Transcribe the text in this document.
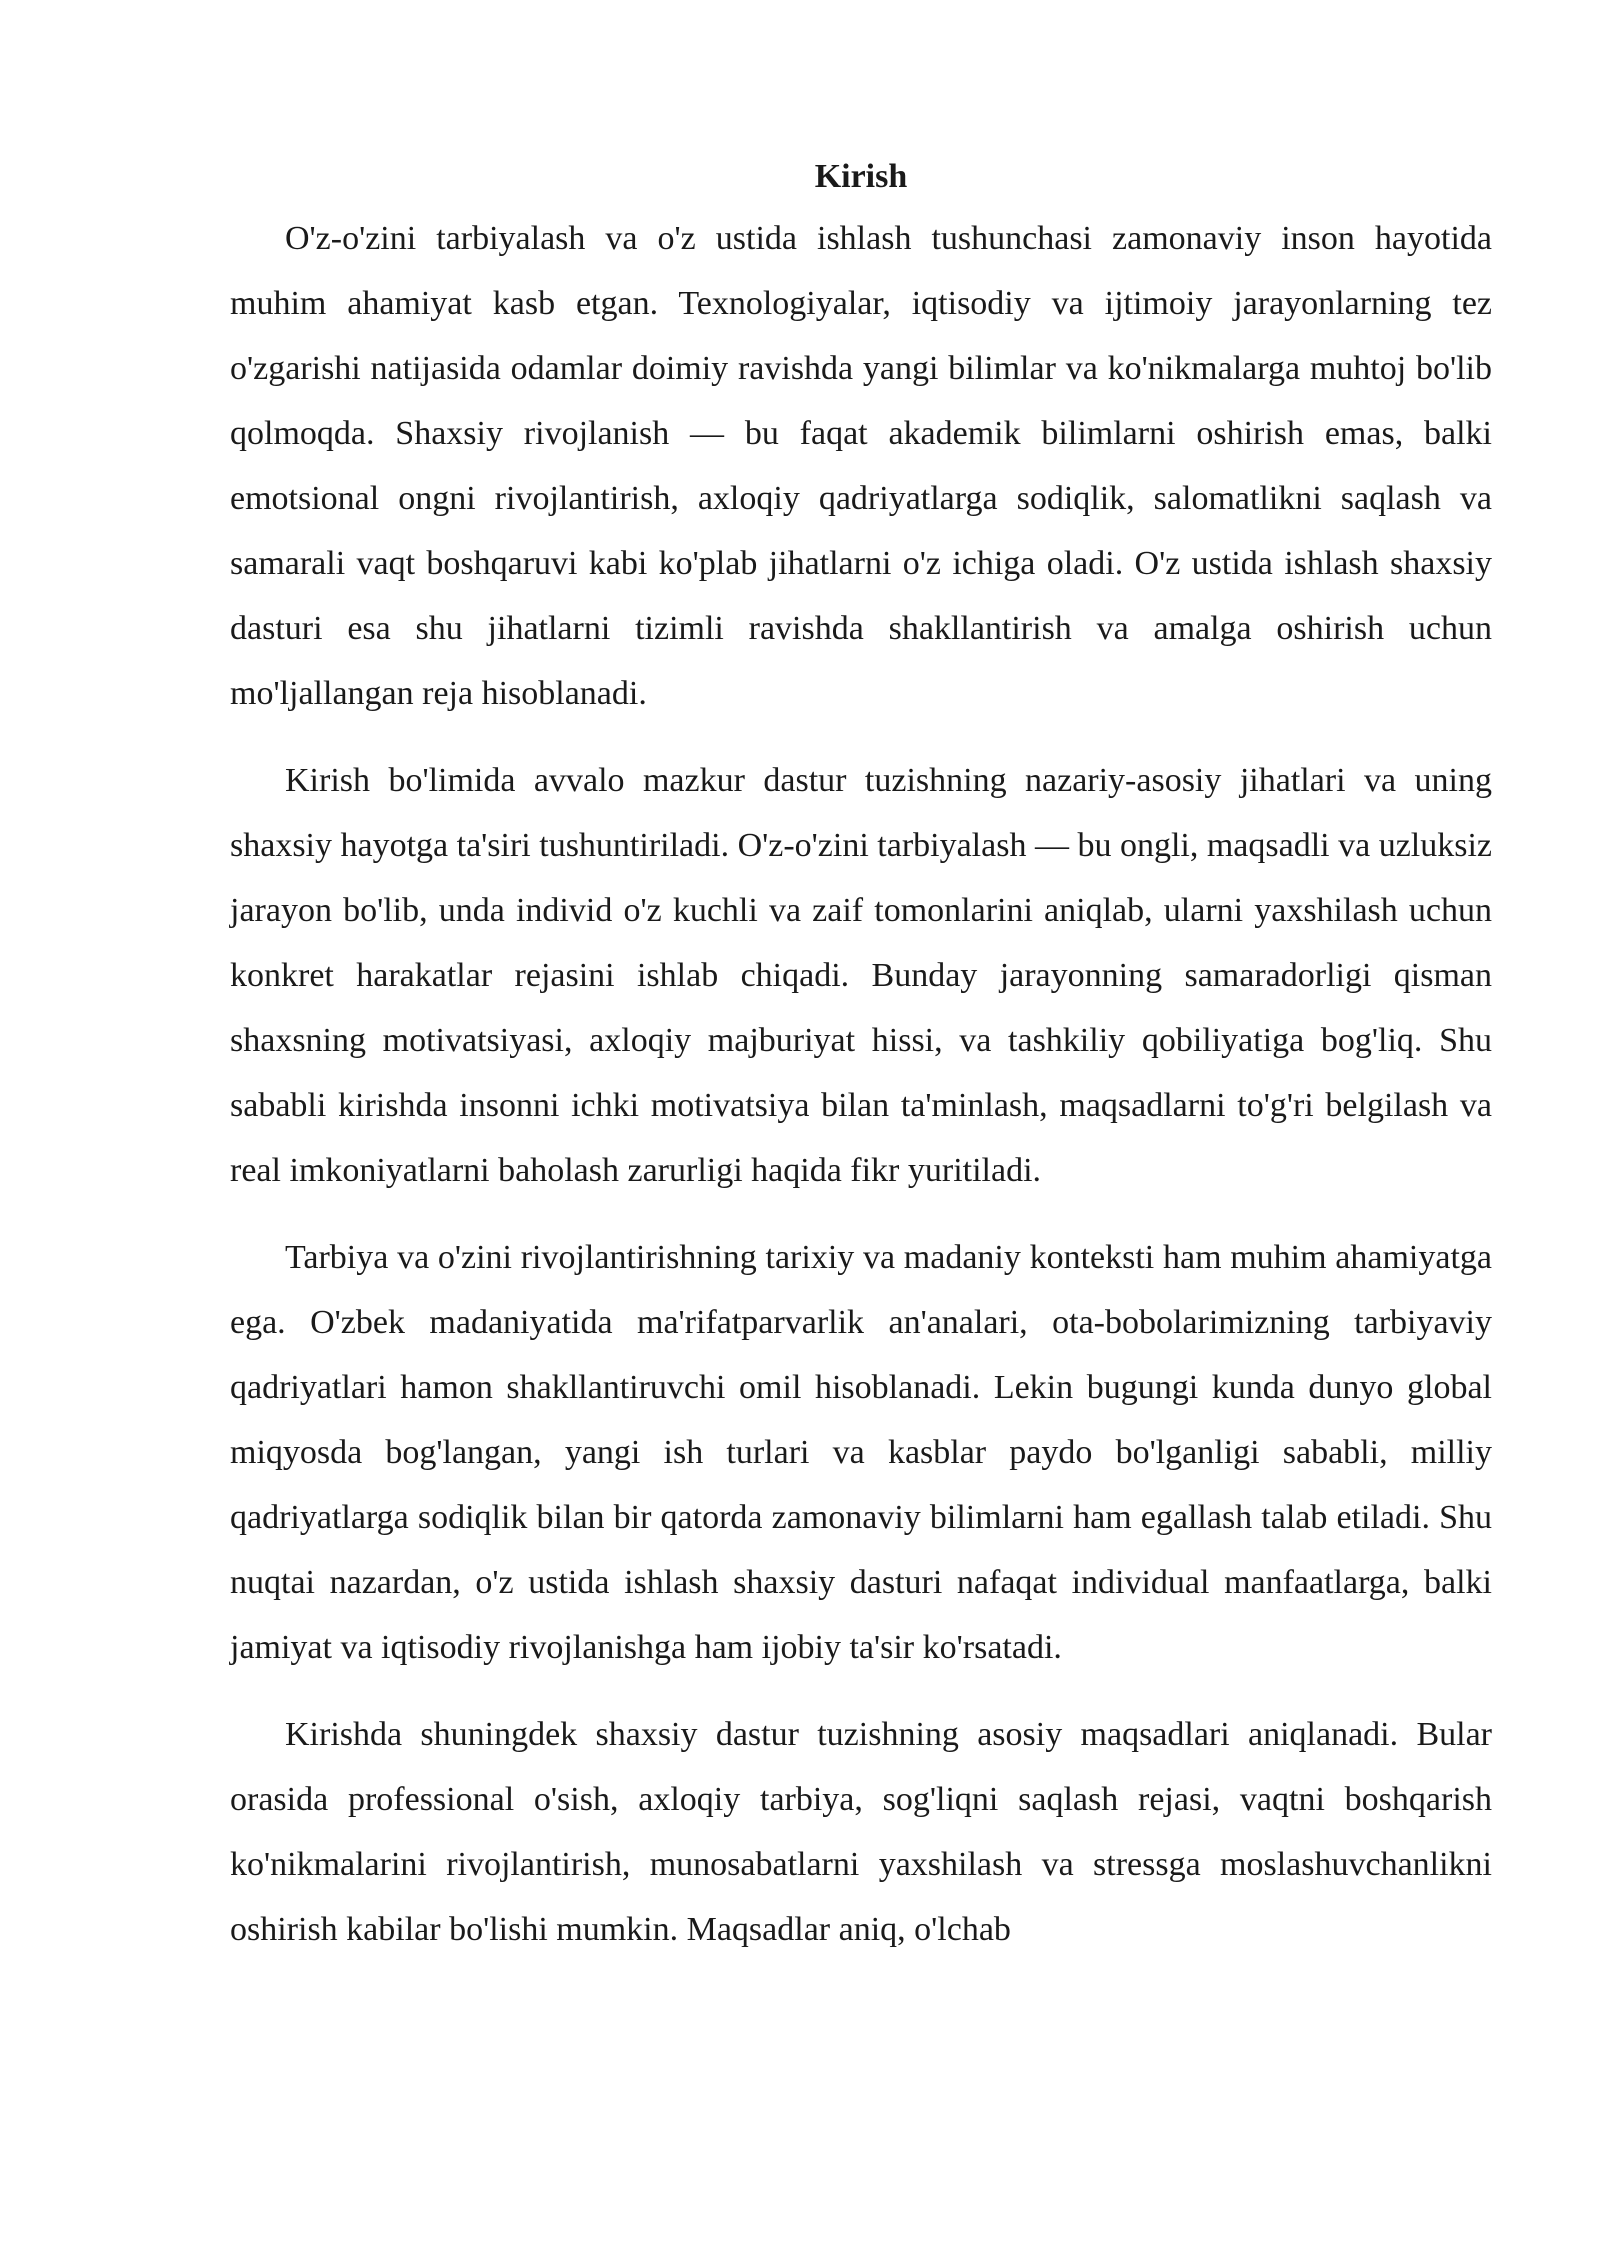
Kirish

O'z-o'zini tarbiyalash va o'z ustida ishlash tushunchasi zamonaviy inson hayotida muhim ahamiyat kasb etgan. Texnologiyalar, iqtisodiy va ijtimoiy jarayonlarning tez o'zgarishi natijasida odamlar doimiy ravishda yangi bilimlar va ko'nikmalarga muhtoj bo'lib qolmoqda. Shaxsiy rivojlanish — bu faqat akademik bilimlarni oshirish emas, balki emotsional ongni rivojlantirish, axloqiy qadriyatlarga sodiqlik, salomatlikni saqlash va samarali vaqt boshqaruvi kabi ko'plab jihatlarni o'z ichiga oladi. O'z ustida ishlash shaxsiy dasturi esa shu jihatlarni tizimli ravishda shakllantirish va amalga oshirish uchun mo'ljallangan reja hisoblanadi.

Kirish bo'limida avvalo mazkur dastur tuzishning nazariy-asosiy jihatlari va uning shaxsiy hayotga ta'siri tushuntiriladi. O'z-o'zini tarbiyalash — bu ongli, maqsadli va uzluksiz jarayon bo'lib, unda individ o'z kuchli va zaif tomonlarini aniqlab, ularni yaxshilash uchun konkret harakatlar rejasini ishlab chiqadi. Bunday jarayonning samaradorligi qisman shaxsning motivatsiyasi, axloqiy majburiyat hissi, va tashkiliy qobiliyatiga bog'liq. Shu sababli kirishda insonni ichki motivatsiya bilan ta'minlash, maqsadlarni to'g'ri belgilash va real imkoniyatlarni baholash zarurligi haqida fikr yuritiladi.

Tarbiya va o'zini rivojlantirishning tarixiy va madaniy konteksti ham muhim ahamiyatga ega. O'zbek madaniyatida ma'rifatparvarlik an'analari, ota-bobolarimizning tarbiyaviy qadriyatlari hamon shakllantiruvchi omil hisoblanadi. Lekin bugungi kunda dunyo global miqyosda bog'langan, yangi ish turlari va kasblar paydo bo'lganligi sababli, milliy qadriyatlarga sodiqlik bilan bir qatorda zamonaviy bilimlarni ham egallash talab etiladi. Shu nuqtai nazardan, o'z ustida ishlash shaxsiy dasturi nafaqat individual manfaatlarga, balki jamiyat va iqtisodiy rivojlanishga ham ijobiy ta'sir ko'rsatadi.

Kirishda shuningdek shaxsiy dastur tuzishning asosiy maqsadlari aniqlanadi. Bular orasida professional o'sish, axloqiy tarbiya, sog'liqni saqlash rejasi, vaqtni boshqarish ko'nikmalarini rivojlantirish, munosabatlarni yaxshilash va stressga moslashuvchanlikni oshirish kabilar bo'lishi mumkin. Maqsadlar aniq, o'lchab
